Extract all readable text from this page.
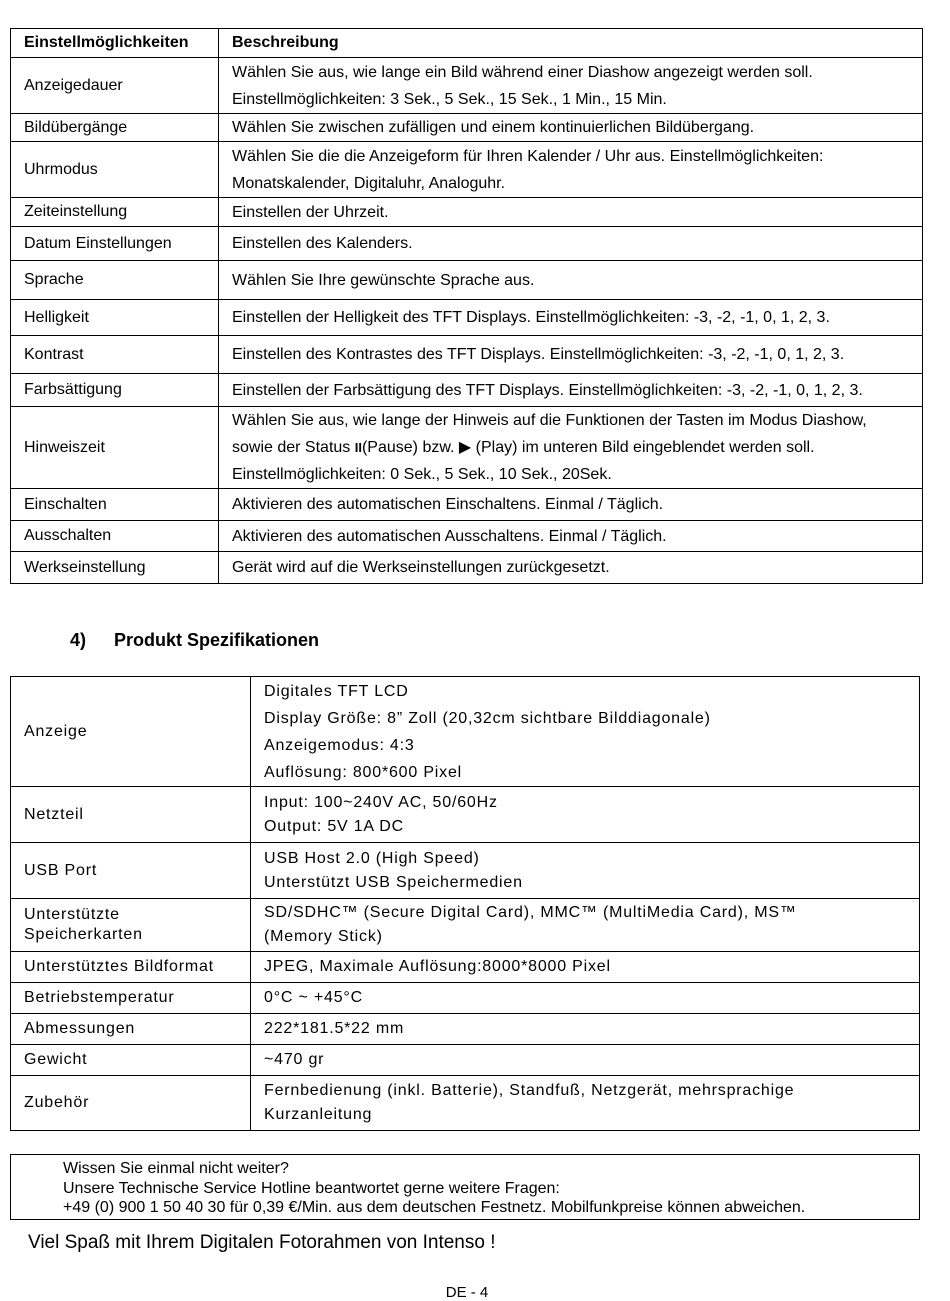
Einstellmöglichkeiten	Beschreibung
Anzeigedauer	Wählen Sie aus, wie lange ein Bild während einer Diashow angezeigt werden soll.
Einstellmöglichkeiten: 3 Sek., 5 Sek., 15 Sek., 1 Min., 15 Min.

Bildübergänge	Wählen Sie zwischen zufälligen und einem kontinuierlichen Bildübergang.
Uhrmodus	Wählen Sie die die Anzeigeform für Ihren Kalender / Uhr aus. Einstellmöglichkeiten:
Monatskalender, Digitaluhr, Analoguhr.

Zeiteinstellung	Einstellen der Uhrzeit.
Datum Einstellungen	Einstellen des Kalenders.
Sprache	Wählen Sie Ihre gewünschte Sprache aus.
Helligkeit	Einstellen der Helligkeit des TFT Displays. Einstellmöglichkeiten: -3, -2, -1, 0, 1, 2, 3.
Kontrast	Einstellen des Kontrastes des TFT Displays. Einstellmöglichkeiten: -3, -2, -1, 0, 1, 2, 3.
Farbsättigung	Einstellen der Farbsättigung des TFT Displays. Einstellmöglichkeiten: -3, -2, -1, 0, 1, 2, 3.
Hinweiszeit	Wählen Sie aus, wie lange der Hinweis auf die Funktionen der Tasten im Modus Diashow,
sowie der Status II(Pause) bzw. ▶ (Play) im unteren Bild eingeblendet werden soll.
Einstellmöglichkeiten: 0 Sek., 5 Sek., 10 Sek., 20Sek.

Einschalten	Aktivieren des automatischen Einschaltens. Einmal / Täglich.
Ausschalten	Aktivieren des automatischen Ausschaltens. Einmal / Täglich.
Werkseinstellung	Gerät wird auf die Werkseinstellungen zurückgesetzt.
4) Produkt Spezifikationen
Anzeige	Digitales TFT LCD
Display Größe: 8” Zoll (20,32cm sichtbare Bilddiagonale)
Anzeigemodus: 4:3
Auflösung: 800*600 Pixel

Netzteil	Input: 100~240V AC, 50/60Hz
Output: 5V 1A DC

USB Port	USB Host 2.0 (High Speed)
Unterstützt USB Speichermedien

Unterstützte
Speicherkarten	SD/SDHC™ (Secure Digital Card), MMC™ (MultiMedia Card), MS™
(Memory Stick)

Unterstütztes Bildformat	JPEG, Maximale Auflösung:8000*8000 Pixel
Betriebstemperatur	0°C ~ +45°C
Abmessungen	222*181.5*22 mm
Gewicht	~470 gr
Zubehör	Fernbedienung (inkl. Batterie), Standfuß, Netzgerät, mehrsprachige
Kurzanleitung
Wissen Sie einmal nicht weiter?
Unsere Technische Service Hotline beantwortet gerne weitere Fragen:
+49 (0) 900 1 50 40 30 für 0,39 €/Min. aus dem deutschen Festnetz. Mobilfunkpreise können abweichen.
Viel Spaß mit Ihrem Digitalen Fotorahmen von Intenso !
DE - 4
